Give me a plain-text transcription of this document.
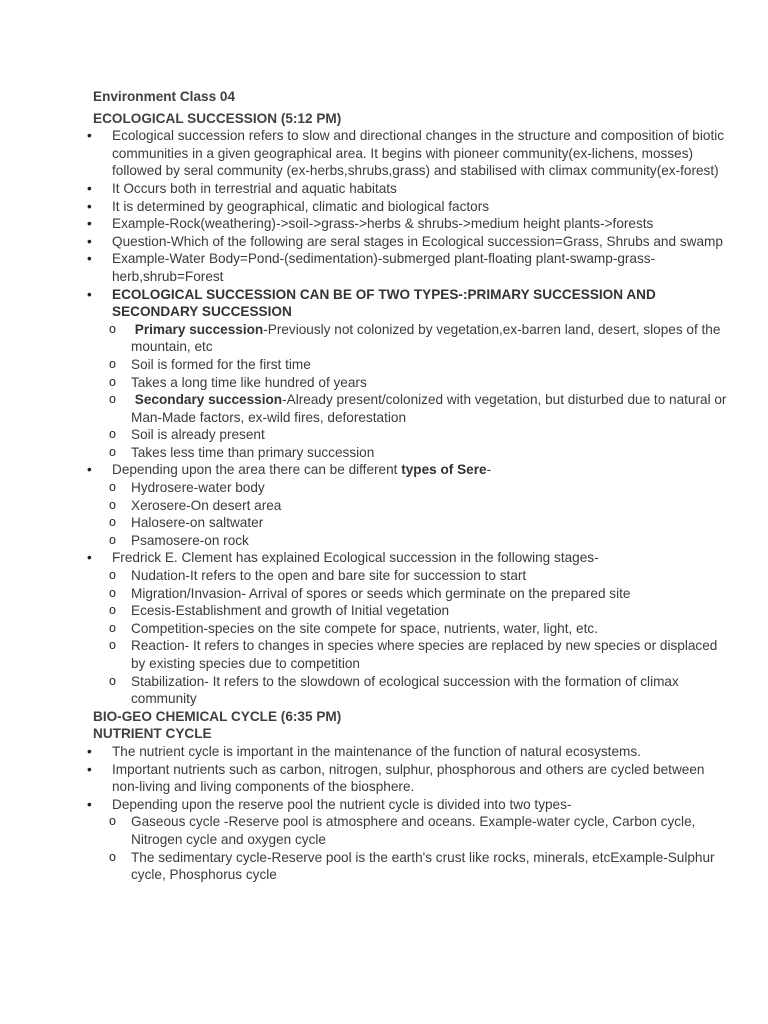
Environment Class 04
ECOLOGICAL SUCCESSION (5:12 PM)
• Ecological succession refers to slow and directional changes in the structure and composition of biotic communities in a given geographical area. It begins with pioneer community(ex-lichens, mosses) followed by seral community (ex-herbs,shrubs,grass) and stabilised with climax community(ex-forest)
• It Occurs both in terrestrial and aquatic habitats
• It is determined by geographical, climatic and biological factors
• Example-Rock(weathering)->soil->grass->herbs & shrubs->medium height plants->forests
• Question-Which of the following are seral stages in Ecological succession=Grass, Shrubs and swamp
• Example-Water Body=Pond-(sedimentation)-submerged plant-floating plant-swamp-grass-herb,shrub=Forest
• ECOLOGICAL SUCCESSION CAN BE OF TWO TYPES-:PRIMARY SUCCESSION AND SECONDARY SUCCESSION
o Primary succession-Previously not colonized by vegetation,ex-barren land, desert, slopes of the mountain, etc
o Soil is formed for the first time
o Takes a long time like hundred of years
o Secondary succession-Already present/colonized with vegetation, but disturbed due to natural or Man-Made factors, ex-wild fires, deforestation
o Soil is already present
o Takes less time than primary succession
• Depending upon the area there can be different types of Sere-
o Hydrosere-water body
o Xerosere-On desert area
o Halosere-on saltwater
o Psamosere-on rock
• Fredrick E. Clement has explained Ecological succession in the following stages-
o Nudation-It refers to the open and bare site for succession to start
o Migration/Invasion- Arrival of spores or seeds which germinate on the prepared site
o Ecesis-Establishment and growth of Initial vegetation
o Competition-species on the site compete for space, nutrients, water, light, etc.
o Reaction- It refers to changes in species where species are replaced by new species or displaced by existing species due to competition
o Stabilization- It refers to the slowdown of ecological succession with the formation of climax community
BIO-GEO CHEMICAL CYCLE (6:35 PM)
NUTRIENT CYCLE
• The nutrient cycle is important in the maintenance of the function of natural ecosystems.
• Important nutrients such as carbon, nitrogen, sulphur, phosphorous and others are cycled between non-living and living components of the biosphere.
• Depending upon the reserve pool the nutrient cycle is divided into two types-
o Gaseous cycle -Reserve pool is atmosphere and oceans. Example-water cycle, Carbon cycle, Nitrogen cycle and oxygen cycle
o The sedimentary cycle-Reserve pool is the earth's crust like rocks, minerals, etcExample-Sulphur cycle, Phosphorus cycle
